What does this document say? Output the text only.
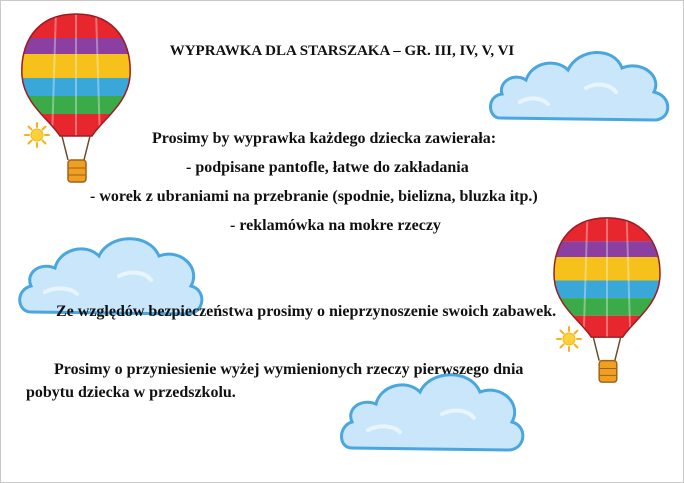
WYPRAWKA DLA STARSZAKA – GR. III, IV, V, VI
Prosimy by wyprawka każdego dziecka zawierała:
- podpisane pantofle, łatwe do zakładania
- worek z ubraniami na przebranie (spodnie, bielizna, bluzka itp.)
- reklamówka na mokre rzeczy
Ze względów bezpieczeństwa prosimy o nieprzynoszenie swoich zabawek.
Prosimy o przyniesienie wyżej wymienionych rzeczy pierwszego dnia
pobytu dziecka w przedszkolu.
